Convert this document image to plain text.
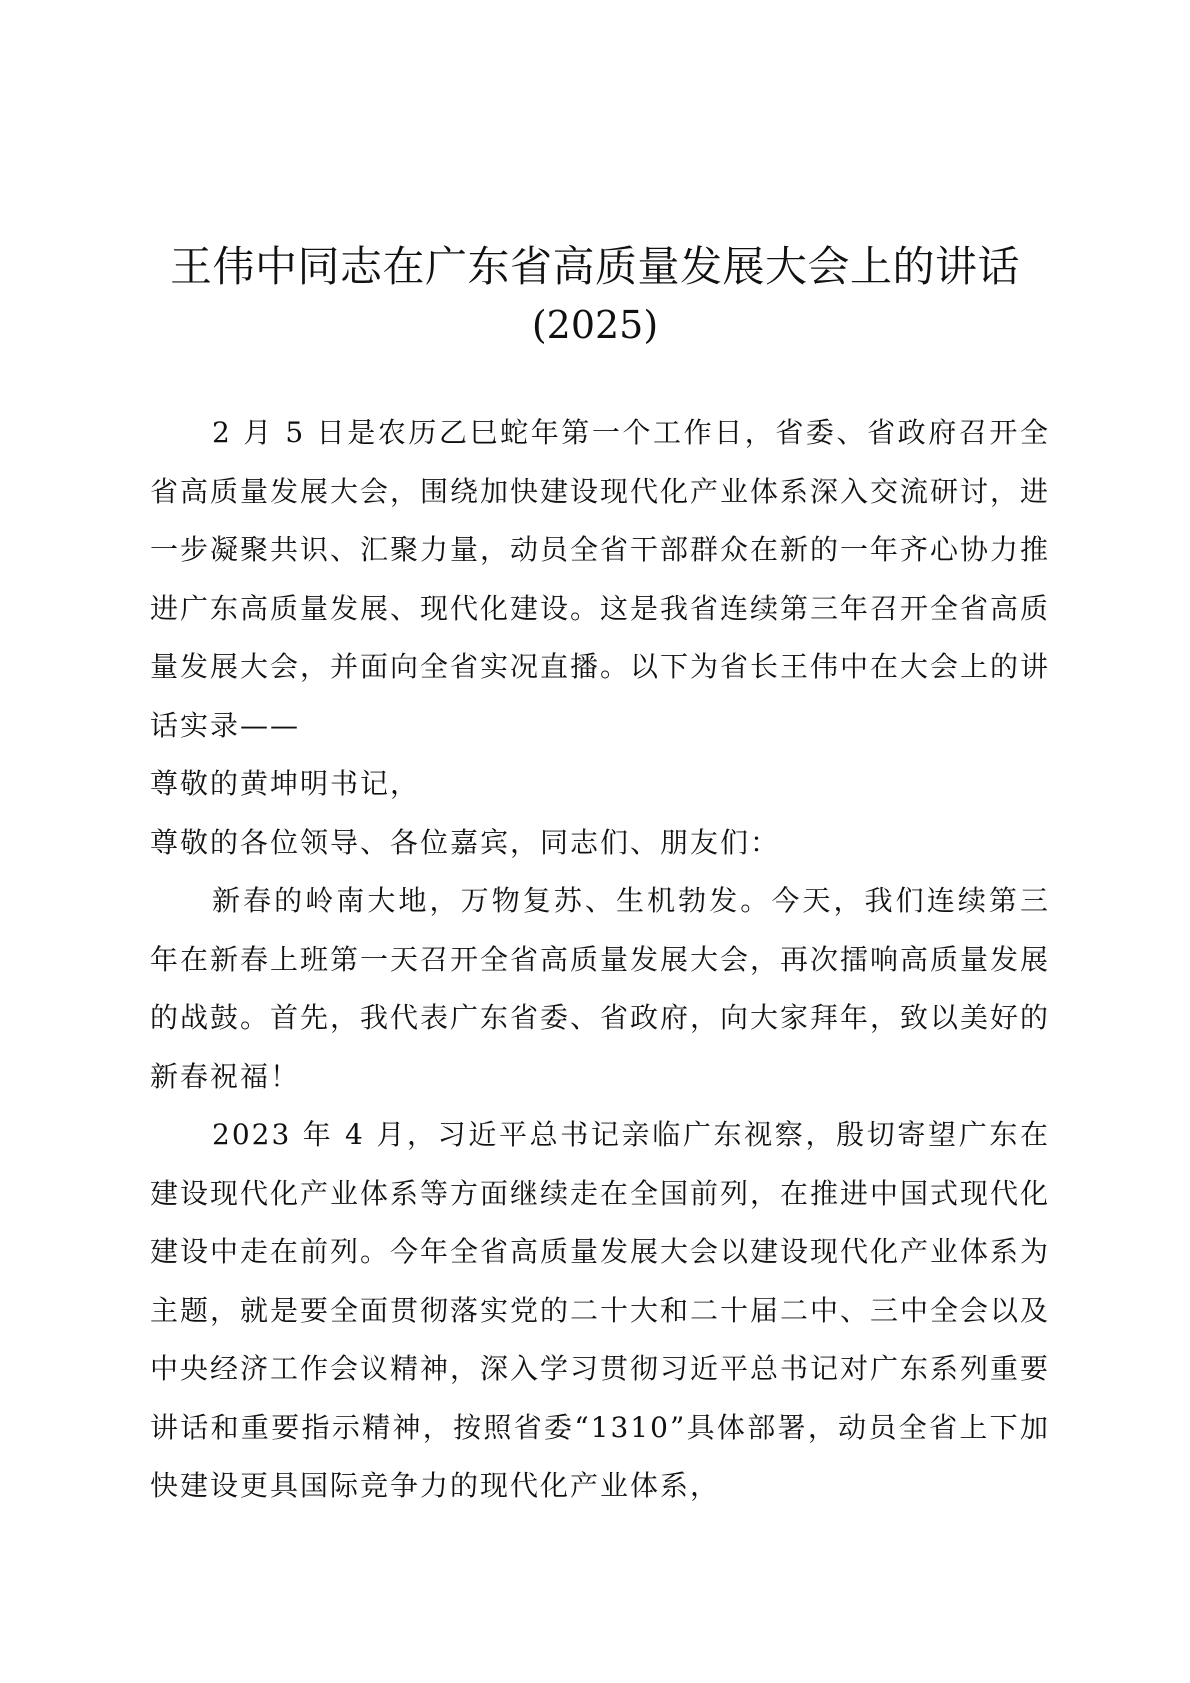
王伟中同志在广东省高质量发展大会上的讲话

(2025)

2 月 5 日是农历乙巳蛇年第一个工作日，省委、省政府召开全省高质量发展大会，围绕加快建设现代化产业体系深入交流研讨，进一步凝聚共识、汇聚力量，动员全省干部群众在新的一年齐心协力推进广东高质量发展、现代化建设。这是我省连续第三年召开全省高质量发展大会，并面向全省实况直播。以下为省长王伟中在大会上的讲话实录——

尊敬的黄坤明书记，

尊敬的各位领导、各位嘉宾，同志们、朋友们：

新春的岭南大地，万物复苏、生机勃发。今天，我们连续第三年在新春上班第一天召开全省高质量发展大会，再次擂响高质量发展的战鼓。首先，我代表广东省委、省政府，向大家拜年，致以美好的新春祝福！

2023 年 4 月，习近平总书记亲临广东视察，殷切寄望广东在建设现代化产业体系等方面继续走在全国前列，在推进中国式现代化建设中走在前列。今年全省高质量发展大会以建设现代化产业体系为主题，就是要全面贯彻落实党的二十大和二十届二中、三中全会以及中央经济工作会议精神，深入学习贯彻习近平总书记对广东系列重要讲话和重要指示精神，按照省委“1310”具体部署，动员全省上下加快建设更具国际竞争力的现代化产业体系，
